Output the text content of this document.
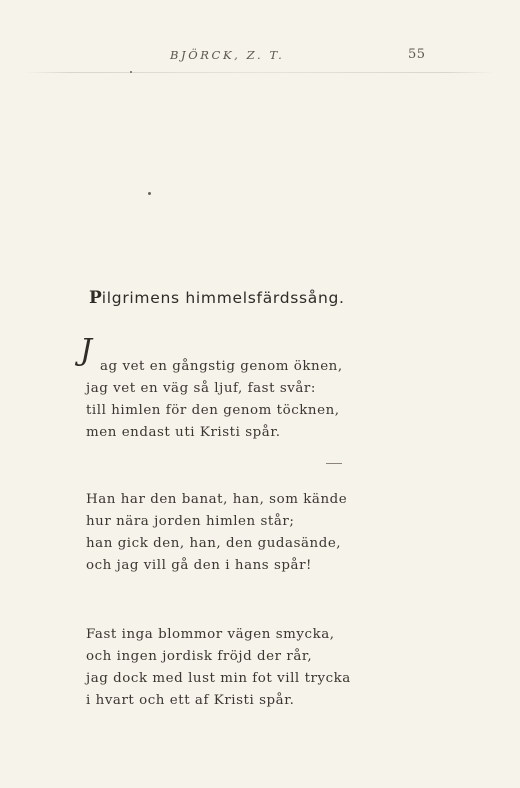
BJÖRCK, Z. T.	55
Pilgrimens himmelsfärdssång.
J ag vet en gångstig genom öknen,
jag vet en väg så ljuf, fast svår:
till himlen för den genom töcknen,
men endast uti Kristi spår.
Han har den banat, han, som kände
hur nära jorden himlen står;
han gick den, han, den gudasände,
och jag vill gå den i hans spår!
Fast inga blommor vägen smycka,
och ingen jordisk fröjd der rår,
jag dock med lust min fot vill trycka
i hvart och ett af Kristi spår.
